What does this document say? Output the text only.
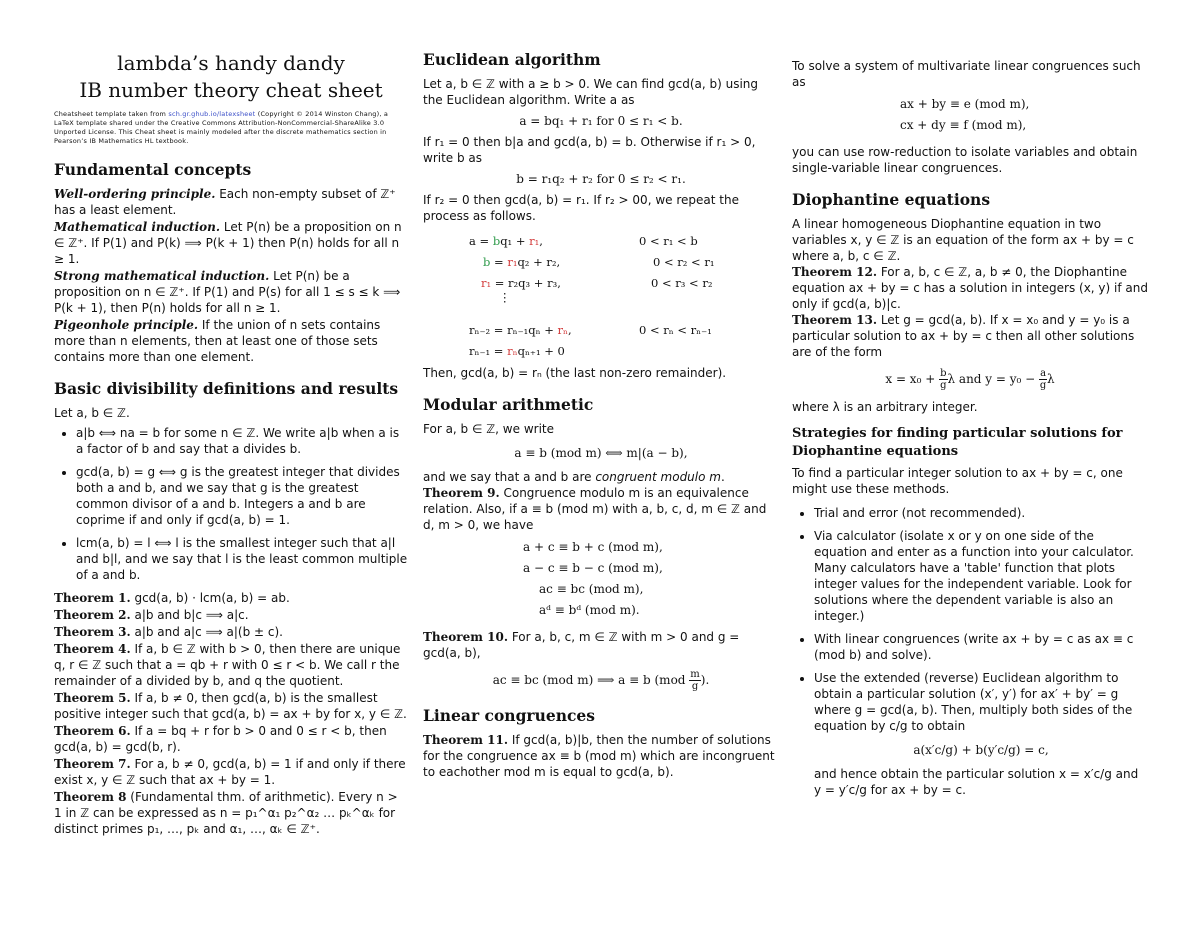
lambda’s handy dandy
IB number theory cheat sheet

Cheatsheet template taken from sch.gr.ghub.io/latexsheet (Copyright © 2014 Winston Chang), a LaTeX template shared under the Creative Commons Attribution-NonCommercial-ShareAlike 3.0 Unported License. This Cheat sheet is mainly modeled after the discrete mathematics section in Pearson’s IB Mathematics HL textbook.

Fundamental concepts

Well-ordering principle. Each non-empty subset of ℤ⁺ has a least element.

Mathematical induction. Let P(n) be a proposition on n ∈ ℤ⁺. If P(1) and P(k) ⟹ P(k + 1) then P(n) holds for all n ≥ 1.

Strong mathematical induction. Let P(n) be a proposition on n ∈ ℤ⁺. If P(1) and P(s) for all 1 ≤ s ≤ k ⟹ P(k + 1), then P(n) holds for all n ≥ 1.

Pigeonhole principle. If the union of n sets contains more than n elements, then at least one of those sets contains more than one element.

Basic divisibility definitions and results

Let a, b ∈ ℤ.

• a|b ⟺ na = b for some n ∈ ℤ. We write a|b when a is a factor of b and say that a divides b.
• gcd(a, b) = g ⟺ g is the greatest integer that divides both a and b, and we say that g is the greatest common divisor of a and b. Integers a and b are coprime if and only if gcd(a, b) = 1.
• lcm(a, b) = l ⟺ l is the smallest integer such that a|l and b|l, and we say that l is the least common multiple of a and b.

Theorem 1. gcd(a, b) · lcm(a, b) = ab.

Theorem 2. a|b and b|c ⟹ a|c.

Theorem 3. a|b and a|c ⟹ a|(b ± c).

Theorem 4. If a, b ∈ ℤ with b > 0, then there are unique q, r ∈ ℤ such that a = qb + r with 0 ≤ r < b. We call r the remainder of a divided by b, and q the quotient.

Theorem 5. If a, b ≠ 0, then gcd(a, b) is the smallest positive integer such that gcd(a, b) = ax + by for x, y ∈ ℤ.

Theorem 6. If a = bq + r for b > 0 and 0 ≤ r < b, then gcd(a, b) = gcd(b, r).

Theorem 7. For a, b ≠ 0, gcd(a, b) = 1 if and only if there exist x, y ∈ ℤ such that ax + by = 1.

Theorem 8 (Fundamental thm. of arithmetic). Every n > 1 in ℤ can be expressed as n = p₁^α₁ p₂^α₂ … pₖ^αₖ for distinct primes p₁, …, pₖ and α₁, …, αₖ ∈ ℤ⁺.

Euclidean algorithm

Let a, b ∈ ℤ with a ≥ b > 0. We can find gcd(a, b) using the Euclidean algorithm. Write a as

a = bq₁ + r₁ for 0 ≤ r₁ < b.

If r₁ = 0 then b|a and gcd(a, b) = b. Otherwise if r₁ > 0, write b as

b = r₁q₂ + r₂ for 0 ≤ r₂ < r₁.

If r₂ = 0 then gcd(a, b) = r₁. If r₂ > 00, we repeat the process as follows.

a = bq₁ + r₁,	0 < r₁ < b
b = r₁q₂ + r₂,	0 < r₂ < r₁
r₁ = r₂q₃ + r₃,	0 < r₃ < r₂
⋮
rₙ₋₂ = rₙ₋₁qₙ + rₙ,	0 < rₙ < rₙ₋₁
rₙ₋₁ = rₙqₙ₊₁ + 0

Then, gcd(a, b) = rₙ (the last non-zero remainder).

Modular arithmetic

For a, b ∈ ℤ, we write

a ≡ b (mod m) ⟺ m|(a − b),

and we say that a and b are congruent modulo m.

Theorem 9. Congruence modulo m is an equivalence relation. Also, if a ≡ b (mod m) with a, b, c, d, m ∈ ℤ and d, m > 0, we have

a + c ≡ b + c (mod m),
a − c ≡ b − c (mod m),
ac ≡ bc (mod m),
aᵈ ≡ bᵈ (mod m).

Theorem 10. For a, b, c, m ∈ ℤ with m > 0 and g = gcd(a, b),

ac ≡ bc (mod m) ⟹ a ≡ b ($mod \frac{m}{g}$ ).

Linear congruences

Theorem 11. If gcd(a, b)|b, then the number of solutions for the congruence ax ≡ b (mod m) which are incongruent to eachother mod m is equal to gcd(a, b).

To solve a system of multivariate linear congruences such as

ax + by ≡ e (mod m),
cx + dy ≡ f (mod m),

you can use row-reduction to isolate variables and obtain single-variable linear congruences.

Diophantine equations

A linear homogeneous Diophantine equation in two variables x, y ∈ ℤ is an equation of the form ax + by = c where a, b, c ∈ ℤ.

Theorem 12. For a, b, c ∈ ℤ, a, b ≠ 0, the Diophantine equation ax + by = c has a solution in integers (x, y) if and only if gcd(a, b)|c.

Theorem 13. Let g = gcd(a, b). If x = x₀ and y = y₀ is a particular solution to ax + by = c then all other solutions are of the form

$x = x_0 + \frac{b}{g}$ λ and $y = y_0 - \frac{a}{g}$ λ

where λ is an arbitrary integer.

Strategies for finding particular solutions for Diophantine equations

To find a particular integer solution to ax + by = c, one might use these methods.

• Trial and error (not recommended).
• Via calculator (isolate x or y on one side of the equation and enter as a function into your calculator. Many calculators have a 'table' function that plots integer values for the independent variable. Look for solutions where the dependent variable is also an integer.)
• With linear congruences (write ax + by = c as ax ≡ c (mod b) and solve).
• Use the extended (reverse) Euclidean algorithm to obtain a particular solution (x′, y′) for ax′ + by′ = g where g = gcd(a, b). Then, multiply both sides of the equation by c/g to obtain
a(x′c/g) + b(y′c/g) = c,
and hence obtain the particular solution x = x′c/g and y = y′c/g for ax + by = c.
